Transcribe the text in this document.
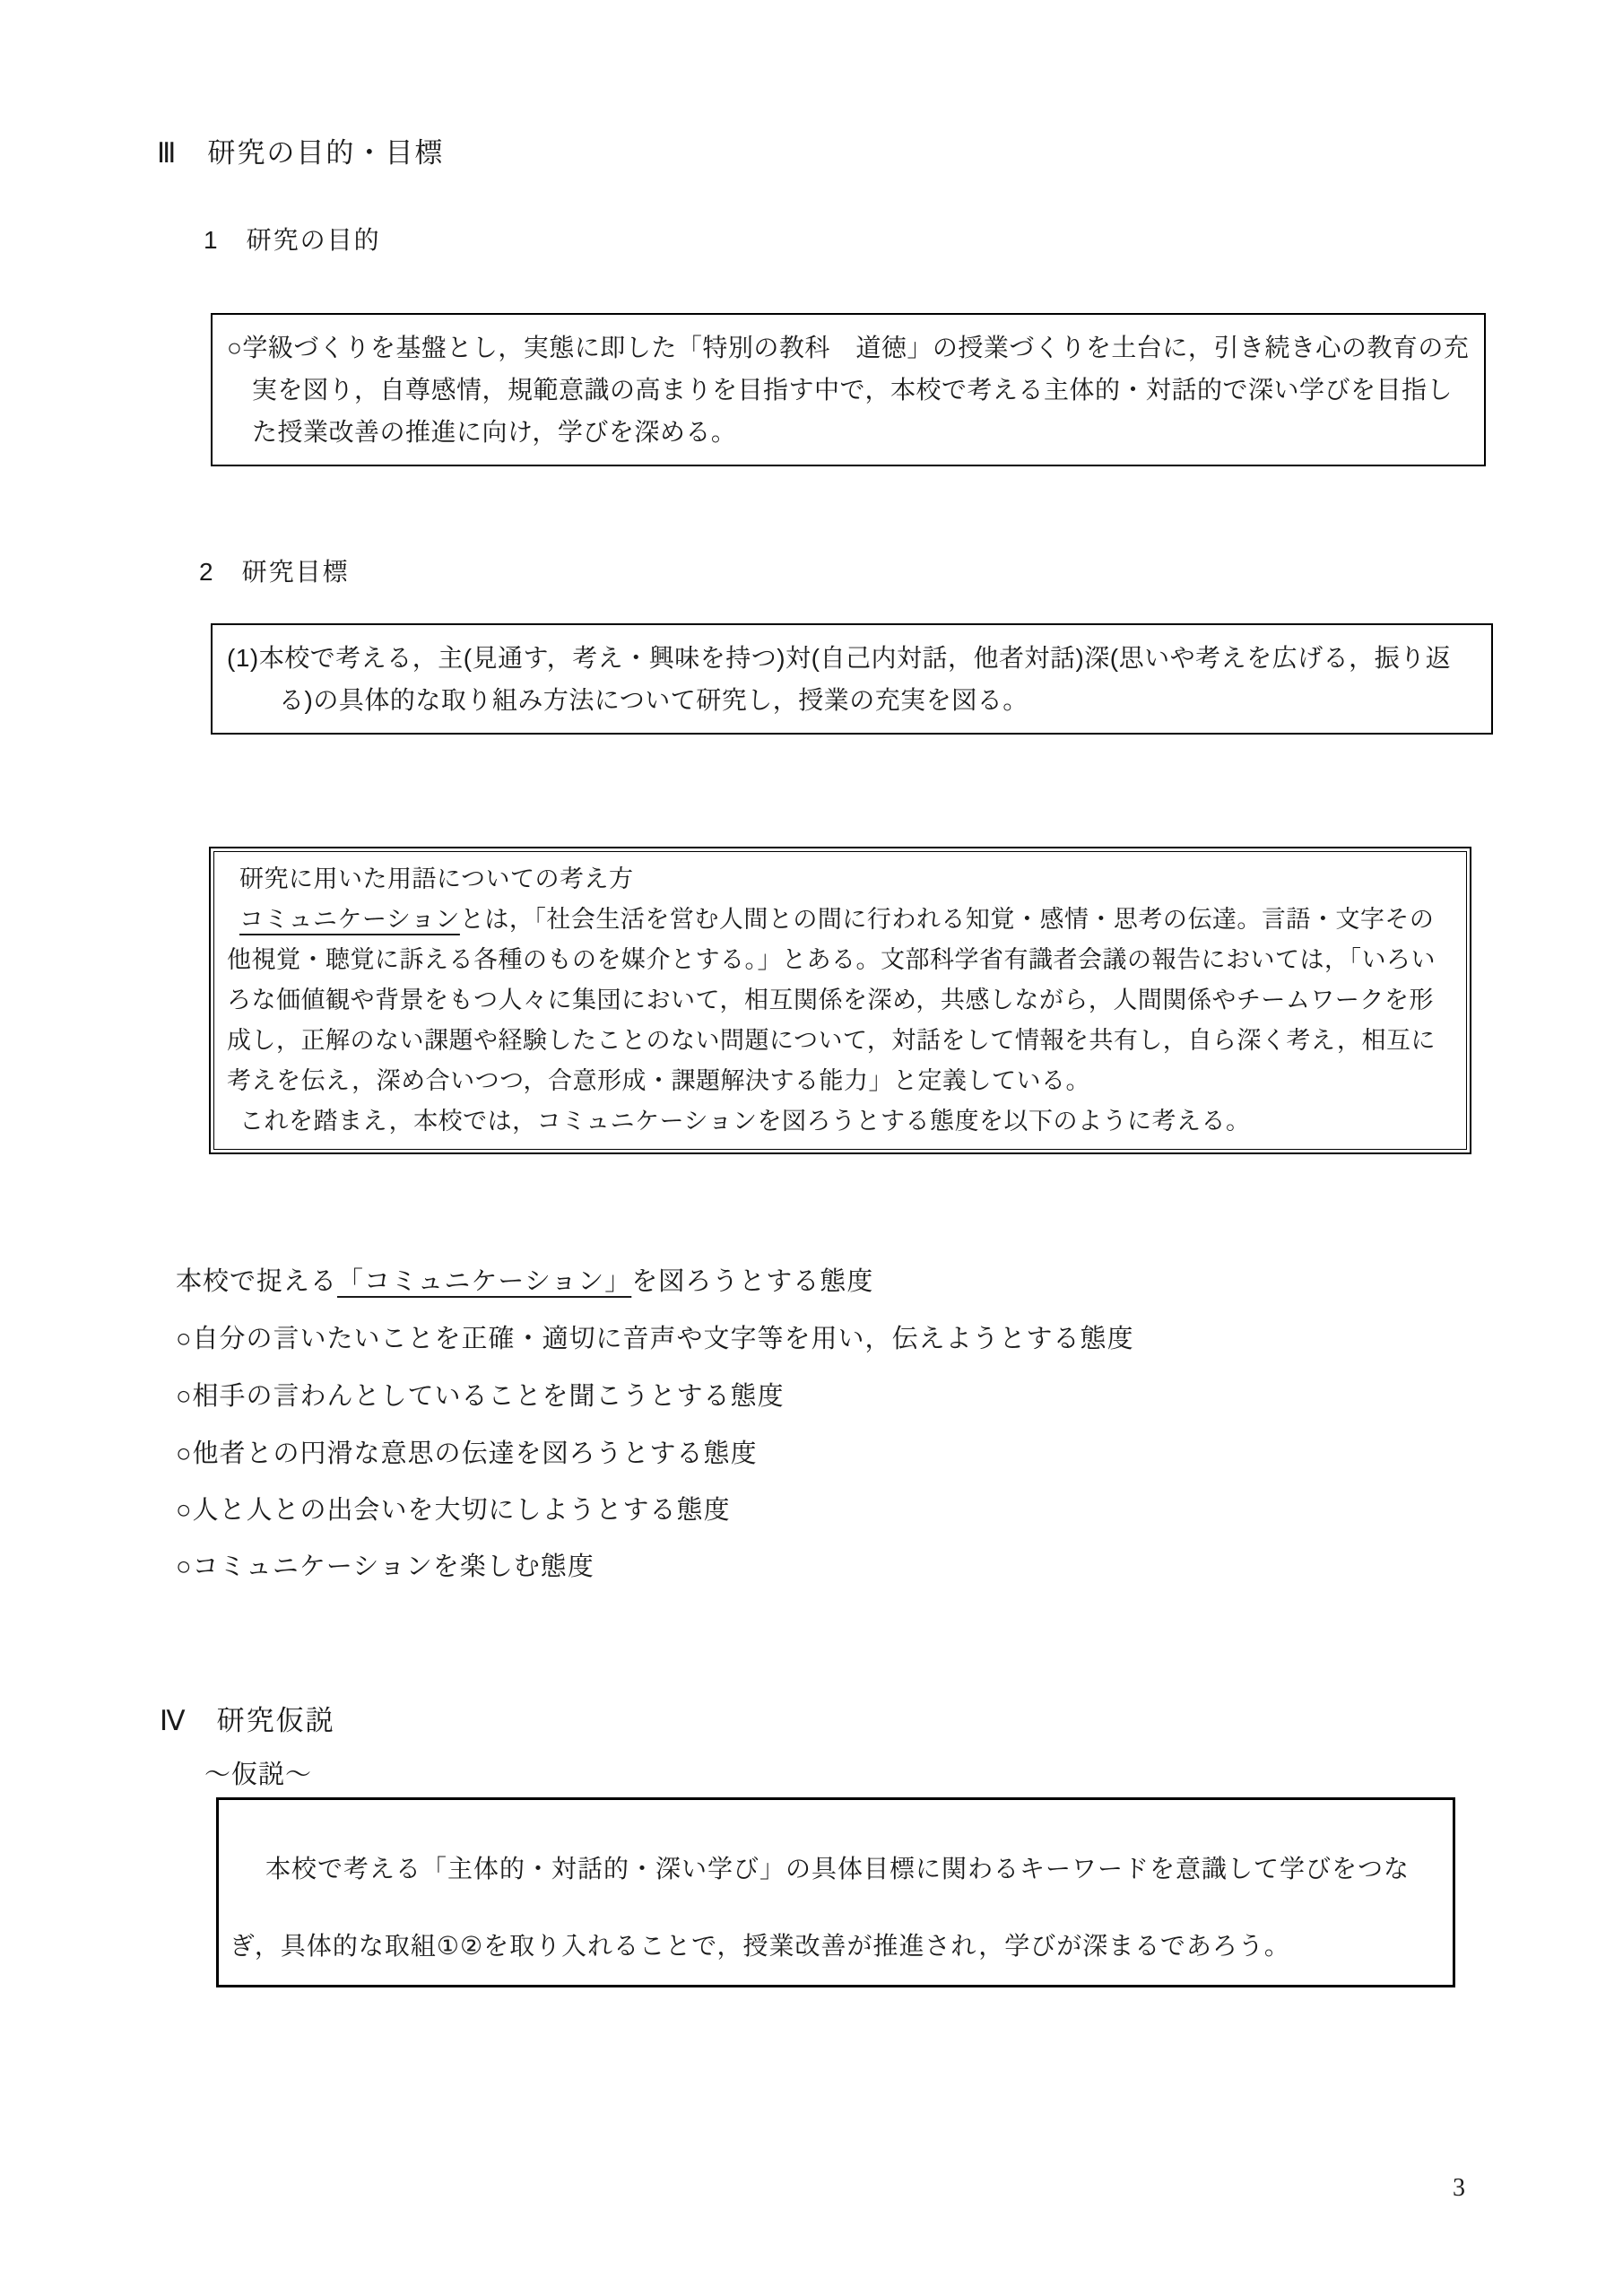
Ⅲ　研究の目的・目標
1　研究の目的
○学級づくりを基盤とし，実態に即した「特別の教科　道徳」の授業づくりを土台に，引き続き心の教育の充実を図り，自尊感情，規範意識の高まりを目指す中で，本校で考える主体的・対話的で深い学びを目指した授業改善の推進に向け，学びを深める。
2　研究目標
(1)本校で考える，主(見通す，考え・興味を持つ)対(自己内対話，他者対話)深(思いや考えを広げる，振り返る)の具体的な取り組み方法について研究し，授業の充実を図る。
研究に用いた用語についての考え方
コミュニケーションとは，「社会生活を営む人間との間に行われる知覚・感情・思考の伝達。言語・文字その他視覚・聴覚に訴える各種のものを媒介とする。」とある。文部科学省有識者会議の報告においては，「いろいろな価値観や背景をもつ人々に集団において，相互関係を深め，共感しながら，人間関係やチームワークを形成し，正解のない課題や経験したことのない問題について，対話をして情報を共有し，自ら深く考え，相互に考えを伝え，深め合いつつ，合意形成・課題解決する能力」と定義している。
これを踏まえ，本校では，コミュニケーションを図ろうとする態度を以下のように考える。
本校で捉える「コミュニケーション」を図ろうとする態度
○自分の言いたいことを正確・適切に音声や文字等を用い，伝えようとする態度
○相手の言わんとしていることを聞こうとする態度
○他者との円滑な意思の伝達を図ろうとする態度
○人と人との出会いを大切にしようとする態度
○コミュニケーションを楽しむ態度
Ⅳ　研究仮説
〜仮説〜
本校で考える「主体的・対話的・深い学び」の具体目標に関わるキーワードを意識して学びをつな
ぎ，具体的な取組①②を取り入れることで，授業改善が推進され，学びが深まるであろう。
3
